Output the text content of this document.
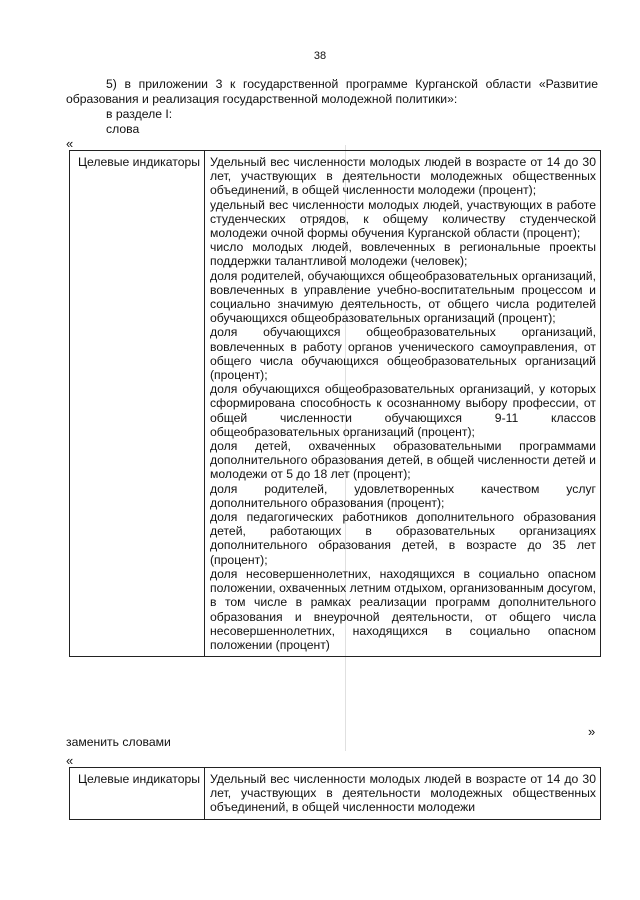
38

5) в приложении 3 к государственной программе Курганской области «Развитие образования и реализация государственной молодежной политики»:

в разделе I:

слова

«
Целевые индикаторы	Удельный вес численности молодых людей в возрасте от 14 до 30 лет, участвующих в деятельности молодежных общественных объединений, в общей численности молодежи (процент);
удельный вес численности молодых людей, участвующих в работе студенческих отрядов, к общему количеству студенческой молодежи очной формы обучения Курганской области (процент);
число молодых людей, вовлеченных в региональные проекты поддержки талантливой молодежи (человек);
доля родителей, обучающихся общеобразовательных организаций, вовлеченных в управление учебно-воспитательным процессом и социально значимую деятельность, от общего числа родителей обучающихся общеобразовательных организаций (процент);
доля обучающихся общеобразовательных организаций, вовлеченных в работу органов ученического самоуправления, от общего числа обучающихся общеобразовательных организаций (процент);
доля обучающихся общеобразовательных организаций, у которых сформирована способность к осознанному выбору профессии, от общей численности обучающихся 9-11 классов общеобразовательных организаций (процент);
доля детей, охваченных образовательными программами дополнительного образования детей, в общей численности детей и молодежи от 5 до 18 лет (процент);
доля родителей, удовлетворенных качеством услуг дополнительного образования (процент);
доля педагогических работников дополнительного образования детей, работающих в образовательных организациях дополнительного образования детей, в возрасте до 35 лет (процент);
доля несовершеннолетних, находящихся в социально опасном положении, охваченных летним отдыхом, организованным досугом, в том числе в рамках реализации программ дополнительного образования и внеурочной деятельности, от общего числа несовершеннолетних, находящихся в социально опасном положении (процент)
»
заменить словами
«
Целевые индикаторы	Удельный вес численности молодых людей в возрасте от 14 до 30 лет, участвующих в деятельности молодежных общественных объединений, в общей численности молодежи
